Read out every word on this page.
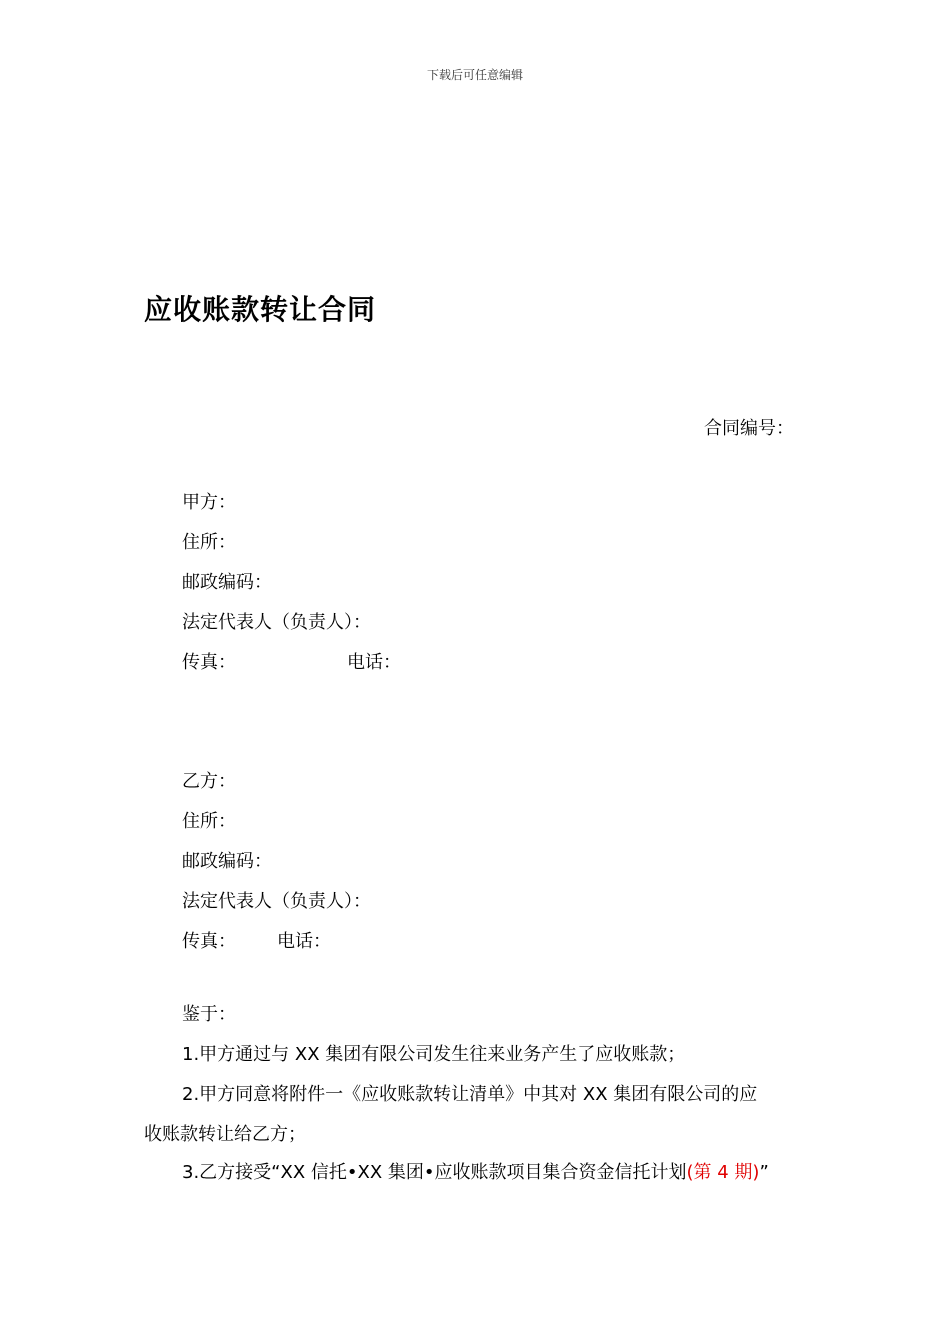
下载后可任意编辑
应收账款转让合同
合同编号：
甲方：
住所：
邮政编码：
法定代表人（负责人）：
传真：	电话：
乙方：
住所：
邮政编码：
法定代表人（负责人）：
传真： 电话：
鉴于：
1.甲方通过与 XX 集团有限公司发生往来业务产生了应收账款；
2.甲方同意将附件一《应收账款转让清单》中其对 XX 集团有限公司的应
收账款转让给乙方；
3.乙方接受“XX 信托•XX 集团•应收账款项目集合资金信托计划(第 4 期)”
